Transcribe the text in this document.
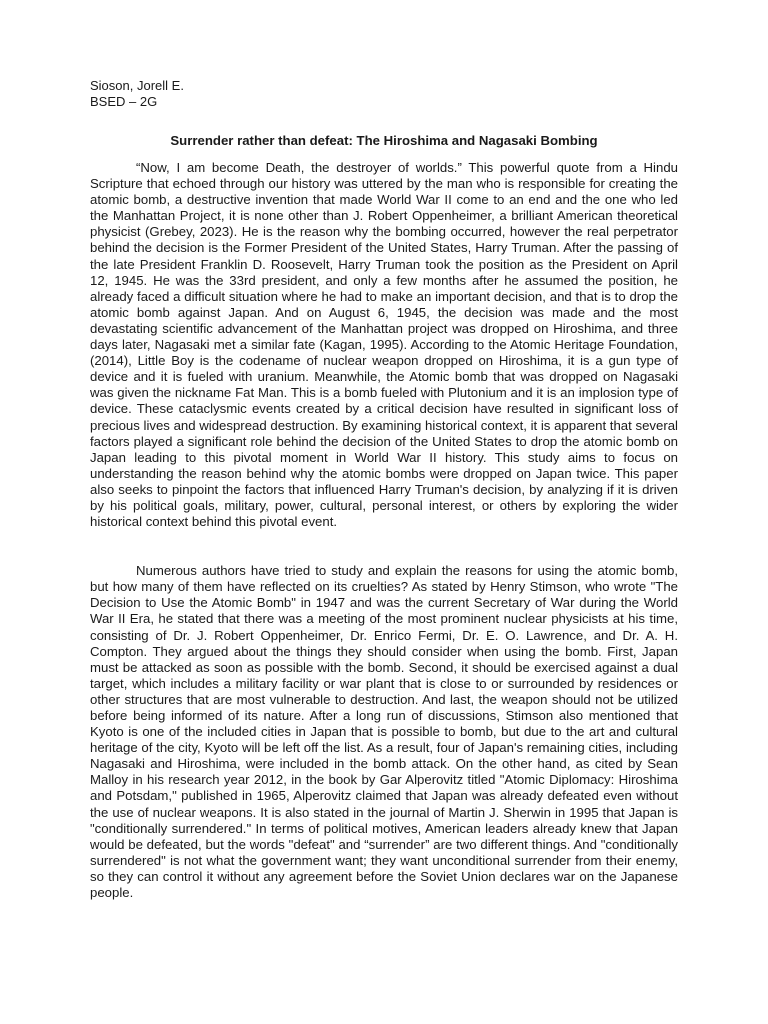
Sioson, Jorell E.

BSED – 2G

Surrender rather than defeat: The Hiroshima and Nagasaki Bombing

“Now, I am become Death, the destroyer of worlds.” This powerful quote from a Hindu Scripture that echoed through our history was uttered by the man who is responsible for creating the atomic bomb, a destructive invention that made World War II come to an end and the one who led the Manhattan Project, it is none other than J. Robert Oppenheimer, a brilliant American theoretical physicist (Grebey, 2023). He is the reason why the bombing occurred, however the real perpetrator behind the decision is the Former President of the United States, Harry Truman. After the passing of the late President Franklin D. Roosevelt, Harry Truman took the position as the President on April 12, 1945. He was the 33rd president, and only a few months after he assumed the position, he already faced a difficult situation where he had to make an important decision, and that is to drop the atomic bomb against Japan. And on August 6, 1945, the decision was made and the most devastating scientific advancement of the Manhattan project was dropped on Hiroshima, and three days later, Nagasaki met a similar fate (Kagan, 1995). According to the Atomic Heritage Foundation, (2014), Little Boy is the codename of nuclear weapon dropped on Hiroshima, it is a gun type of device and it is fueled with uranium. Meanwhile, the Atomic bomb that was dropped on Nagasaki was given the nickname Fat Man. This is a bomb fueled with Plutonium and it is an implosion type of device. These cataclysmic events created by a critical decision have resulted in significant loss of precious lives and widespread destruction. By examining historical context, it is apparent that several factors played a significant role behind the decision of the United States to drop the atomic bomb on Japan leading to this pivotal moment in World War II history. This study aims to focus on understanding the reason behind why the atomic bombs were dropped on Japan twice. This paper also seeks to pinpoint the factors that influenced Harry Truman's decision, by analyzing if it is driven by his political goals, military, power, cultural, personal interest, or others by exploring the wider historical context behind this pivotal event.

Numerous authors have tried to study and explain the reasons for using the atomic bomb, but how many of them have reflected on its cruelties? As stated by Henry Stimson, who wrote "The Decision to Use the Atomic Bomb" in 1947 and was the current Secretary of War during the World War II Era, he stated that there was a meeting of the most prominent nuclear physicists at his time, consisting of Dr. J. Robert Oppenheimer, Dr. Enrico Fermi, Dr. E. O. Lawrence, and Dr. A. H. Compton. They argued about the things they should consider when using the bomb. First, Japan must be attacked as soon as possible with the bomb. Second, it should be exercised against a dual target, which includes a military facility or war plant that is close to or surrounded by residences or other structures that are most vulnerable to destruction. And last, the weapon should not be utilized before being informed of its nature. After a long run of discussions, Stimson also mentioned that Kyoto is one of the included cities in Japan that is possible to bomb, but due to the art and cultural heritage of the city, Kyoto will be left off the list. As a result, four of Japan's remaining cities, including Nagasaki and Hiroshima, were included in the bomb attack. On the other hand, as cited by Sean Malloy in his research year 2012, in the book by Gar Alperovitz titled "Atomic Diplomacy: Hiroshima and Potsdam," published in 1965, Alperovitz claimed that Japan was already defeated even without the use of nuclear weapons. It is also stated in the journal of Martin J. Sherwin in 1995 that Japan is "conditionally surrendered." In terms of political motives, American leaders already knew that Japan would be defeated, but the words "defeat" and “surrender” are two different things. And "conditionally surrendered" is not what the government want; they want unconditional surrender from their enemy, so they can control it without any agreement before the Soviet Union declares war on the Japanese people.
